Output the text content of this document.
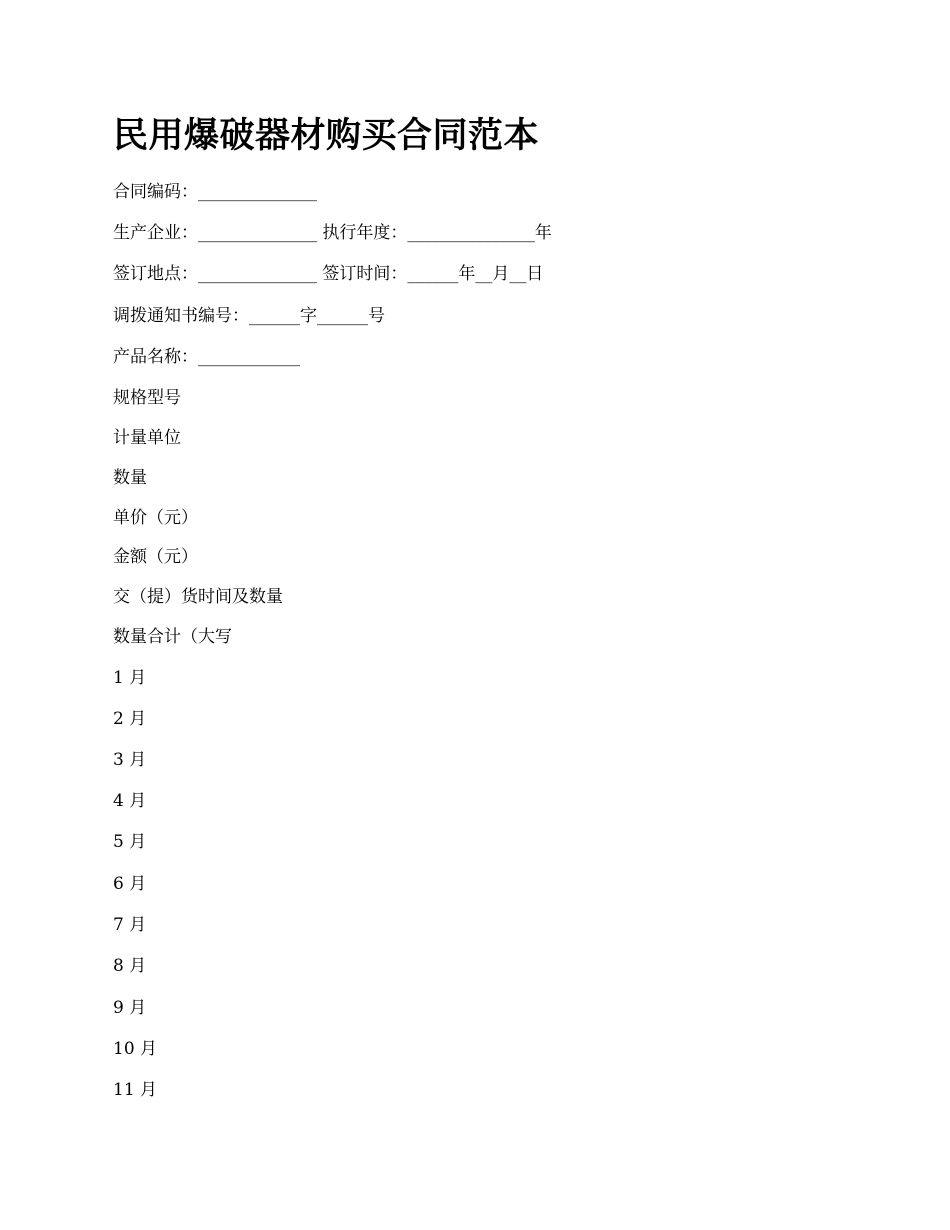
民用爆破器材购买合同范本
合同编码：______________
生产企业：______________ 执行年度：_______________年
签订地点：______________ 签订时间：______年__月__日
调拨通知书编号：______字______号
产品名称：____________
规格型号
计量单位
数量
单价（元）
金额（元）
交（提）货时间及数量
数量合计（大写
1 月
2 月
3 月
4 月
5 月
6 月
7 月
8 月
9 月
10 月
11 月
